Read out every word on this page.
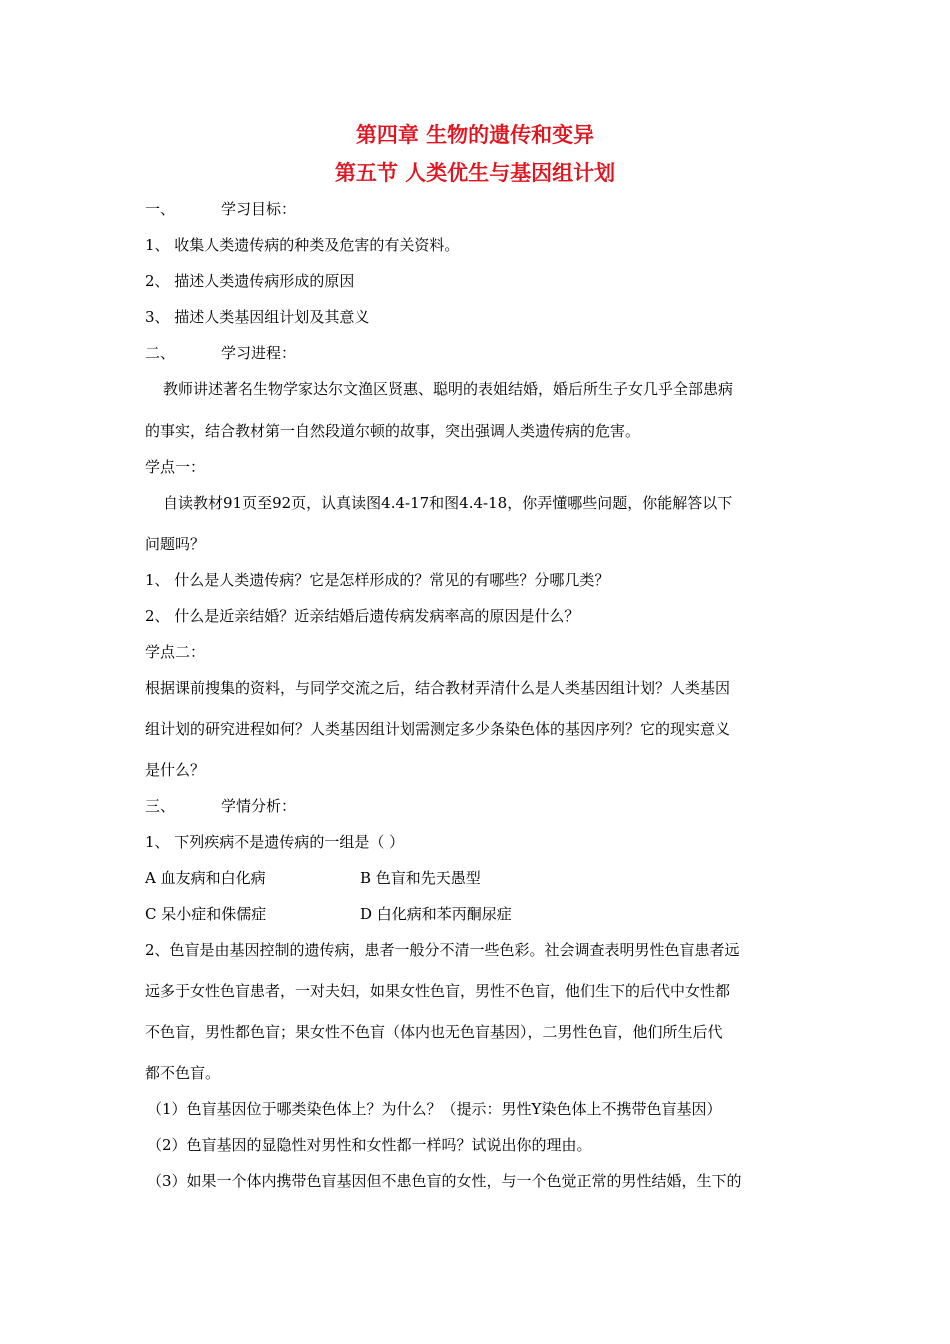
第四章 生物的遗传和变异
第五节 人类优生与基因组计划
一、	学习目标：
1、 收集人类遗传病的种类及危害的有关资料。
2、 描述人类遗传病形成的原因
3、 描述人类基因组计划及其意义
二、	学习进程：
教师讲述著名生物学家达尔文渔区贤惠、聪明的表姐结婚，婚后所生子女几乎全部患病
的事实，结合教材第一自然段道尔顿的故事，突出强调人类遗传病的危害。
学点一：
自读教材91页至92页，认真读图4.4-17和图4.4-18，你弄懂哪些问题，你能解答以下
问题吗？
1、 什么是人类遗传病？它是怎样形成的？常见的有哪些？分哪几类？
2、 什么是近亲结婚？近亲结婚后遗传病发病率高的原因是什么？
学点二：
根据课前搜集的资料，与同学交流之后，结合教材弄清什么是人类基因组计划？人类基因
组计划的研究进程如何？人类基因组计划需测定多少条染色体的基因序列？它的现实意义
是什么？
三、	学情分析：
1、 下列疾病不是遗传病的一组是（ ）
A 血友病和白化病	B 色盲和先天愚型
C 呆小症和侏儒症	D 白化病和苯丙酮尿症
2、色盲是由基因控制的遗传病，患者一般分不清一些色彩。社会调查表明男性色盲患者远
远多于女性色盲患者，一对夫妇，如果女性色盲，男性不色盲，他们生下的后代中女性都
不色盲，男性都色盲；果女性不色盲（体内也无色盲基因），二男性色盲，他们所生后代
都不色盲。
（1）色盲基因位于哪类染色体上？为什么？（提示：男性Y染色体上不携带色盲基因）
（2）色盲基因的显隐性对男性和女性都一样吗？试说出你的理由。
（3）如果一个体内携带色盲基因但不患色盲的女性，与一个色觉正常的男性结婚，生下的
